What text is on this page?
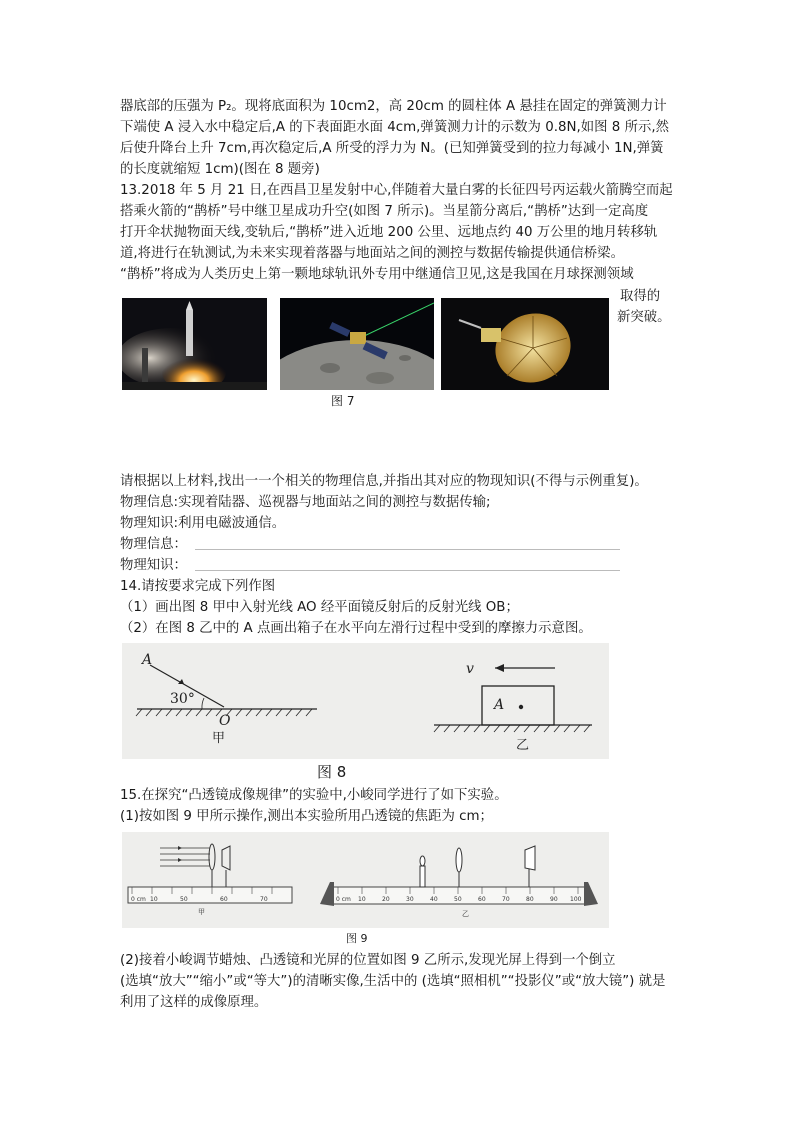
器底部的压强为 P₂。现将底面积为 10cm2，高 20cm 的圆柱体 A 悬挂在固定的弹簧测力计
下端使 A 浸入水中稳定后,A 的下表面距水面 4cm,弹簧测力计的示数为 0.8N,如图 8 所示,然
后使升降台上升 7cm,再次稳定后,A 所受的浮力为 N。(已知弹簧受到的拉力每减小 1N,弹簧
的长度就缩短 1cm)(图在 8 题旁)
13.2018 年 5 月 21 日,在西昌卫星发射中心,伴随着大量白雾的长征四号丙运载火箭腾空而起
搭乘火箭的“鹊桥”号中继卫星成功升空(如图 7 所示)。当星箭分离后,“鹊桥”达到一定高度
打开伞状抛物面天线,变轨后,“鹊桥”进入近地 200 公里、远地点约 40 万公里的地月转移轨
道,将进行在轨测试,为未来实现着落器与地面站之间的测控与数据传输提供通信桥梁。
“鹊桥”将成为人类历史上第一颗地球轨讯外专用中继通信卫见,这是我国在月球探测领域
取得的
新突破。
图 7
请根据以上材料,找出一一个相关的物理信息,并指出其对应的物现知识(不得与示例重复)。
物理信息:实现着陆器、巡视器与地面站之间的测控与数据传输;
物理知识:利用电磁波通信。
物理信息：
物理知识：
14.请按要求完成下列作图
（1）画出图 8 甲中入射光线 AO 经平面镜反射后的反射光线 OB；
（2）在图 8 乙中的 A 点画出箱子在水平向左滑行过程中受到的摩擦力示意图。
A
30°
O
甲
A
v
乙
图 8
15.在探究“凸透镜成像规律”的实验中,小峻同学进行了如下实验。
(1)按如图 9 甲所示操作,测出本实验所用凸透镜的焦距为 cm；
0 cm 10	50	60	70
甲
0 cm 10	20	30	40	50	60	70	80	90 100
乙
图 9
(2)接着小峻调节蜡烛、凸透镜和光屏的位置如图 9 乙所示,发现光屏上得到一个倒立
(选填“放大”“缩小”或“等大”)的清晰实像,生活中的 (选填“照相机”“投影仪”或“放大镜”) 就是
利用了这样的成像原理。
